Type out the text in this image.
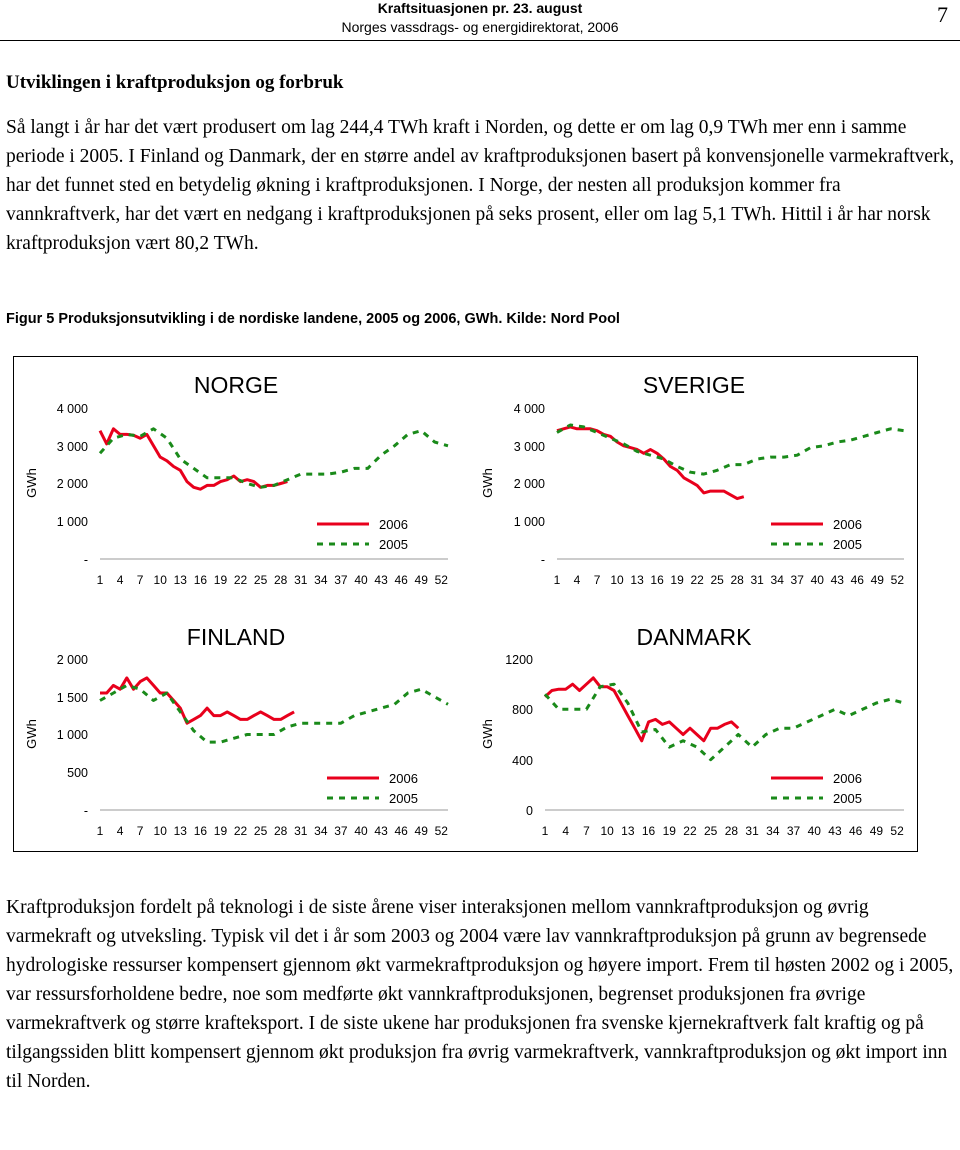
Kraftsituasjonen pr. 23. august
Norges vassdrags- og energidirektorat, 2006	7
Utviklingen i kraftproduksjon og forbruk

Så langt i år har det vært produsert om lag 244,4 TWh kraft i Norden, og dette er om lag 0,9 TWh mer enn i samme periode i 2005. I Finland og Danmark, der en større andel av kraftproduksjonen basert på konvensjonelle varmekraftverk, har det funnet sted en betydelig økning i kraftproduksjonen. I Norge, der nesten all produksjon kommer fra vannkraftverk, har det vært en nedgang i kraftproduksjonen på seks prosent, eller om lag 5,1 TWh. Hittil i år har norsk kraftproduksjon vært 80,2 TWh.

Figur 5 Produksjonsutvikling i de nordiske landene, 2005 og 2006, GWh. Kilde: Nord Pool
NORGE
4 000
3 000
2 000
1 000
-
GWh
1 4 7 10 13 16 19 22 25 28 31 34 37 40 43 46 49 52
2006
2005
SVERIGE
4 000
3 000
2 000
1 000
-
GWh
1 4 7 10 13 16 19 22 25 28 31 34 37 40 43 46 49 52
2006
2005
FINLAND
2 000
1 500
1 000
500
-
GWh
1 4 7 10 13 16 19 22 25 28 31 34 37 40 43 46 49 52
2006
2005
DANMARK
1200
800
400
0
GWh
1 4 7 10 13 16 19 22 25 28 31 34 37 40 43 46 49 52
2006
2005

Kraftproduksjon fordelt på teknologi i de siste årene viser interaksjonen mellom vannkraftproduksjon og øvrig varmekraft og utveksling. Typisk vil det i år som 2003 og 2004 være lav vannkraftproduksjon på grunn av begrensede hydrologiske ressurser kompensert gjennom økt varmekraftproduksjon og høyere import. Frem til høsten 2002 og i 2005, var ressursforholdene bedre, noe som medførte økt vannkraftproduksjonen, begrenset produksjonen fra øvrige varmekraftverk og større krafteksport. I de siste ukene har produksjonen fra svenske kjernekraftverk falt kraftig og på tilgangssiden blitt kompensert gjennom økt produksjon fra øvrig varmekraftverk, vannkraftproduksjon og økt import inn til Norden.
